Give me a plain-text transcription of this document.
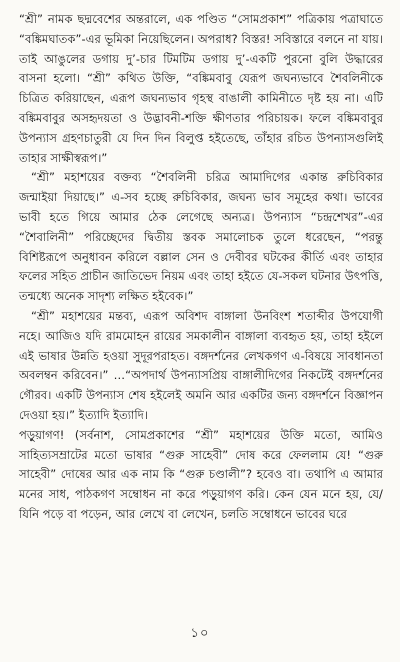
“শ্রী” নামক ছদ্মবেশের অন্তরালে, এক পণ্ডিত “সোমপ্রকাশ” পত্রিকায় পত্রাঘাতে “বঙ্কিমঘাতক”-এর ভূমিকা নিয়েছিলেন। অপরাধ? বিস্তর! সবিস্তারে বলনে না যায়। তাই আঙুলের ডগায় দু’-চার টিমটিম ডগায় দু’-একটি পুরনো বুলি উদ্ধারের বাসনা হলো। “শ্রী” কথিত উক্তি, “বঙ্কিমবাবু যেরূপ জঘন্যভাবে শৈবলিনীকে চিত্রিত করিয়াছেন, এরূপ জঘন্যভাব গৃহস্থ বাঙালী কামিনীতে দৃষ্ট হয় না। এটি বঙ্কিমবাবুর অসহৃদয়তা ও উদ্ভাবনী-শক্তি ক্ষীণতার পরিচায়ক। ফলে বঙ্কিমবাবুর উপন্যাস গ্রহণচাতুরী যে দিন দিন বিলুপ্ত হইতেছে, তাঁহার রচিত উপন্যাসগুলিই তাহার সাক্ষীস্বরূপ।”

“শ্রী” মহাশয়ের বক্তব্য “শৈবলিনী চরিত্র আমাদিগের একান্ত রুচিবিকার জন্মাইয়া দিয়াছে।” এ-সব হচ্ছে রুচিবিকার, জঘন্য ভাব সমূহের কথা। ভাবের ভাবী হতে গিয়ে আমার ঠেক লেগেছে অন্যত্র। উপন্যাস “চন্দ্রশেখর”-এর “শৈবালিনী” পরিচ্ছেদের দ্বিতীয় স্তবক সমালোচক তুলে ধরেছেন, “পরন্তু বিশিষ্টরূপে অনুধাবন করিলে বল্লাল সেন ও দেবীবর ঘটকের কীর্তি এবং তাহার ফলের সহিত প্রাচীন জাতিভেদ নিয়ম এবং তাহা হইতে যে-সকল ঘটনার উৎপত্তি, তন্মধ্যে অনেক সাদৃশ্য লক্ষিত হইবেক।”

“শ্রী” মহাশয়ের মন্তব্য, এরূপ অবিশদ বাঙ্গালা উনবিংশ শতাব্দীর উপযোগী নহে। আজিও যদি রামমোহন রায়ের সমকালীন বাঙ্গালা ব্যবহৃত হয়, তাহা হইলে এই ভাষার উন্নতি হওয়া সুদূরপরাহত। বঙ্গদর্শনের লেখকগণ এ-বিষয়ে সাবধানতা অবলম্বন করিবেন।” …“অপদার্থ উপন্যাসপ্রিয় বাঙ্গালীদিগের নিকটেই বঙ্গদর্শনের গৌরব। একটি উপন্যাস শেষ হইলেই অমনি আর একটির জন্য বঙ্গদর্শনে বিজ্ঞাপন দেওয়া হয়।” ইত্যাদি ইত্যাদি।

পড়ুয়াগণ! (সর্বনাশ, সোমপ্রকাশের “শ্রী” মহাশয়ের উক্তি মতো, আমিও সাহিত্যসম্রাটের মতো ভাষার “গুরু সাহেবী” দোষ করে ফেললাম যে! “গুরু সাহেবী” দোষের আর এক নাম কি “গুরু চণ্ডালী”? হবেও বা। তথাপি এ আমার মনের সাধ, পাঠকগণ সম্বোধন না করে পড়ুয়াগণ করি। কেন যেন মনে হয়, যে/যিনি পড়ে বা পড়েন, আর লেখে বা লেখেন, চলতি সম্বোধনে ভাবের ঘরে

১০
